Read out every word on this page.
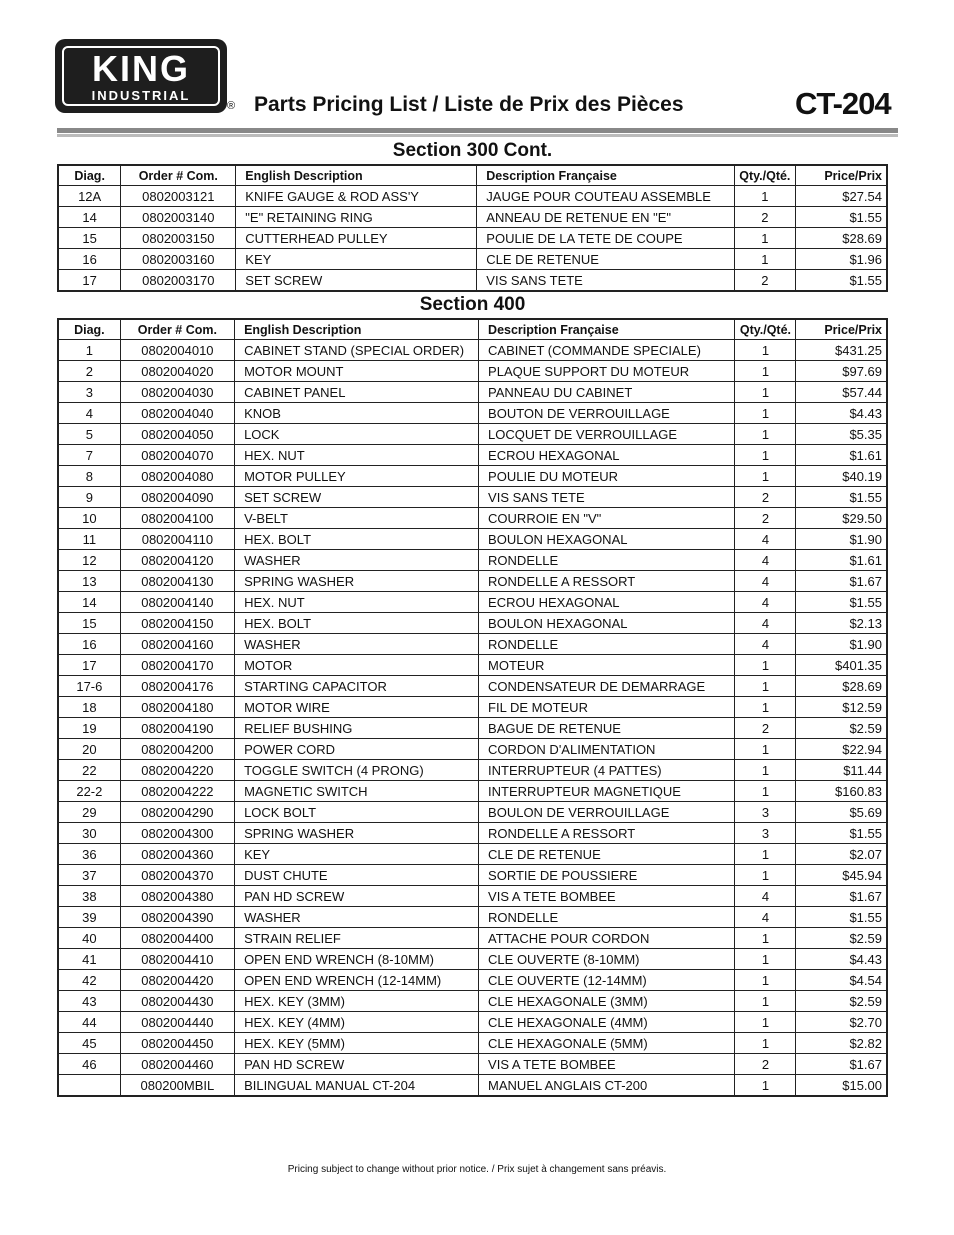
KING
INDUSTRIAL
® Parts Pricing List / Liste de Prix des Pièces	CT-204
Section 300 Cont.
Diag.	Order # Com.	English Description	Description Française	Qty./Qté.	Price/Prix
12A	0802003121	KNIFE GAUGE & ROD ASS'Y	JAUGE POUR COUTEAU ASSEMBLE	1	$27.54
14	0802003140	"E" RETAINING RING	ANNEAU DE RETENUE EN "E"	2	$1.55
15	0802003150	CUTTERHEAD PULLEY	POULIE DE LA TETE DE COUPE	1	$28.69
16	0802003160	KEY	CLE DE RETENUE	1	$1.96
17	0802003170	SET SCREW	VIS SANS TETE	2	$1.55
Section 400
Diag.	Order # Com.	English Description	Description Française	Qty./Qté.	Price/Prix
1	0802004010	CABINET STAND (SPECIAL ORDER)	CABINET (COMMANDE SPECIALE)	1	$431.25
2	0802004020	MOTOR MOUNT	PLAQUE SUPPORT DU MOTEUR	1	$97.69
3	0802004030	CABINET PANEL	PANNEAU DU CABINET	1	$57.44
4	0802004040	KNOB	BOUTON DE VERROUILLAGE	1	$4.43
5	0802004050	LOCK	LOCQUET DE VERROUILLAGE	1	$5.35
7	0802004070	HEX. NUT	ECROU HEXAGONAL	1	$1.61
8	0802004080	MOTOR PULLEY	POULIE DU MOTEUR	1	$40.19
9	0802004090	SET SCREW	VIS SANS TETE	2	$1.55
10	0802004100	V-BELT	COURROIE EN "V"	2	$29.50
11	0802004110	HEX. BOLT	BOULON HEXAGONAL	4	$1.90
12	0802004120	WASHER	RONDELLE	4	$1.61
13	0802004130	SPRING WASHER	RONDELLE A RESSORT	4	$1.67
14	0802004140	HEX. NUT	ECROU HEXAGONAL	4	$1.55
15	0802004150	HEX. BOLT	BOULON HEXAGONAL	4	$2.13
16	0802004160	WASHER	RONDELLE	4	$1.90
17	0802004170	MOTOR	MOTEUR	1	$401.35
17-6	0802004176	STARTING CAPACITOR	CONDENSATEUR DE DEMARRAGE	1	$28.69
18	0802004180	MOTOR WIRE	FIL DE MOTEUR	1	$12.59
19	0802004190	RELIEF BUSHING	BAGUE DE RETENUE	2	$2.59
20	0802004200	POWER CORD	CORDON D'ALIMENTATION	1	$22.94
22	0802004220	TOGGLE SWITCH (4 PRONG)	INTERRUPTEUR (4 PATTES)	1	$11.44
22-2	0802004222	MAGNETIC SWITCH	INTERRUPTEUR MAGNETIQUE	1	$160.83
29	0802004290	LOCK BOLT	BOULON DE VERROUILLAGE	3	$5.69
30	0802004300	SPRING WASHER	RONDELLE A RESSORT	3	$1.55
36	0802004360	KEY	CLE DE RETENUE	1	$2.07
37	0802004370	DUST CHUTE	SORTIE DE POUSSIERE	1	$45.94
38	0802004380	PAN HD SCREW	VIS A TETE BOMBEE	4	$1.67
39	0802004390	WASHER	RONDELLE	4	$1.55
40	0802004400	STRAIN RELIEF	ATTACHE POUR CORDON	1	$2.59
41	0802004410	OPEN END WRENCH (8-10MM)	CLE OUVERTE (8-10MM)	1	$4.43
42	0802004420	OPEN END WRENCH (12-14MM)	CLE OUVERTE (12-14MM)	1	$4.54
43	0802004430	HEX. KEY (3MM)	CLE HEXAGONALE (3MM)	1	$2.59
44	0802004440	HEX. KEY (4MM)	CLE HEXAGONALE (4MM)	1	$2.70
45	0802004450	HEX. KEY (5MM)	CLE HEXAGONALE (5MM)	1	$2.82
46	0802004460	PAN HD SCREW	VIS A TETE BOMBEE	2	$1.67
	080200MBIL	BILINGUAL MANUAL CT-204	MANUEL ANGLAIS CT-200	1	$15.00
Pricing subject to change without prior notice. / Prix sujet à changement sans préavis.
